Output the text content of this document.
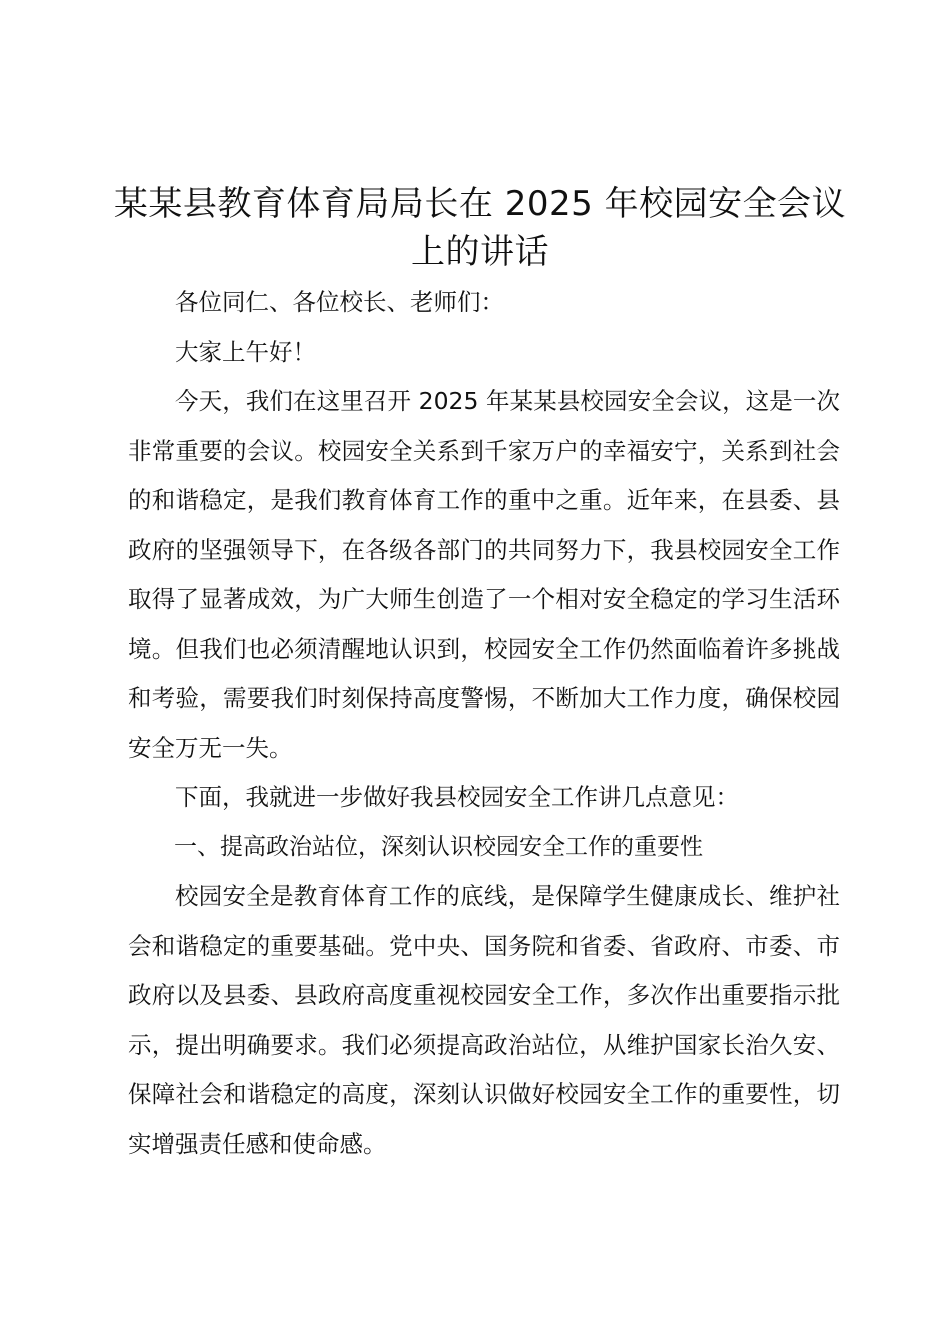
某某县教育体育局局长在 2025 年校园安全会议上的讲话

各位同仁、各位校长、老师们：

大家上午好！

今天，我们在这里召开 2025 年某某县校园安全会议，这是一次非常重要的会议。校园安全关系到千家万户的幸福安宁，关系到社会的和谐稳定，是我们教育体育工作的重中之重。近年来，在县委、县政府的坚强领导下，在各级各部门的共同努力下，我县校园安全工作取得了显著成效，为广大师生创造了一个相对安全稳定的学习生活环境。但我们也必须清醒地认识到，校园安全工作仍然面临着许多挑战和考验，需要我们时刻保持高度警惕，不断加大工作力度，确保校园安全万无一失。

下面，我就进一步做好我县校园安全工作讲几点意见：

一、提高政治站位，深刻认识校园安全工作的重要性

校园安全是教育体育工作的底线，是保障学生健康成长、维护社会和谐稳定的重要基础。党中央、国务院和省委、省政府、市委、市政府以及县委、县政府高度重视校园安全工作，多次作出重要指示批示，提出明确要求。我们必须提高政治站位，从维护国家长治久安、保障社会和谐稳定的高度，深刻认识做好校园安全工作的重要性，切实增强责任感和使命感。
